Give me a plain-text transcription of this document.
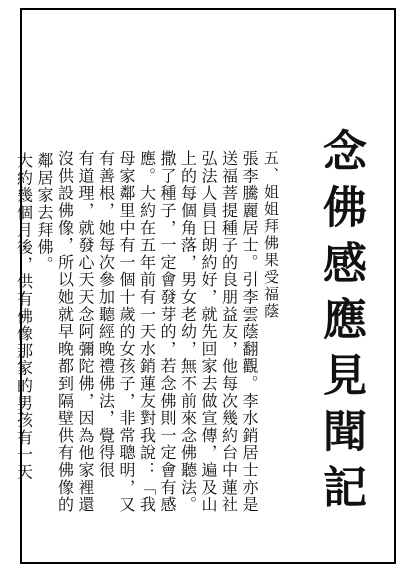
念佛感應見聞記
五、姐姐拜佛果受福蔭
張李騰麗居士。引李雲蔭翻觀。李水銷居士亦是
送福菩提種子的良朋益友，他每次幾約台中蓮社
弘法人員日朗約好，就先回家去做宣傳，遍及山
上的每個角落，男女老幼，無不前來念佛聽法。
撒了種子，一定會發芽的，若念佛則一定會有感
應。大約在五年前有一天水銷蓮友對我說：「我
母家鄰里中有一個十歲的女孩子，非常聰明，又
有善根，她每次參加聽經晚禮佛法，覺得很
有道理，就發心天天念阿彌陀佛，因為他家裡還
沒供設佛像，所以她就早晚都到隔壁供有佛像的
鄰居家去拜佛。
大約幾個月後，供有佛像那家的男孩有一天
